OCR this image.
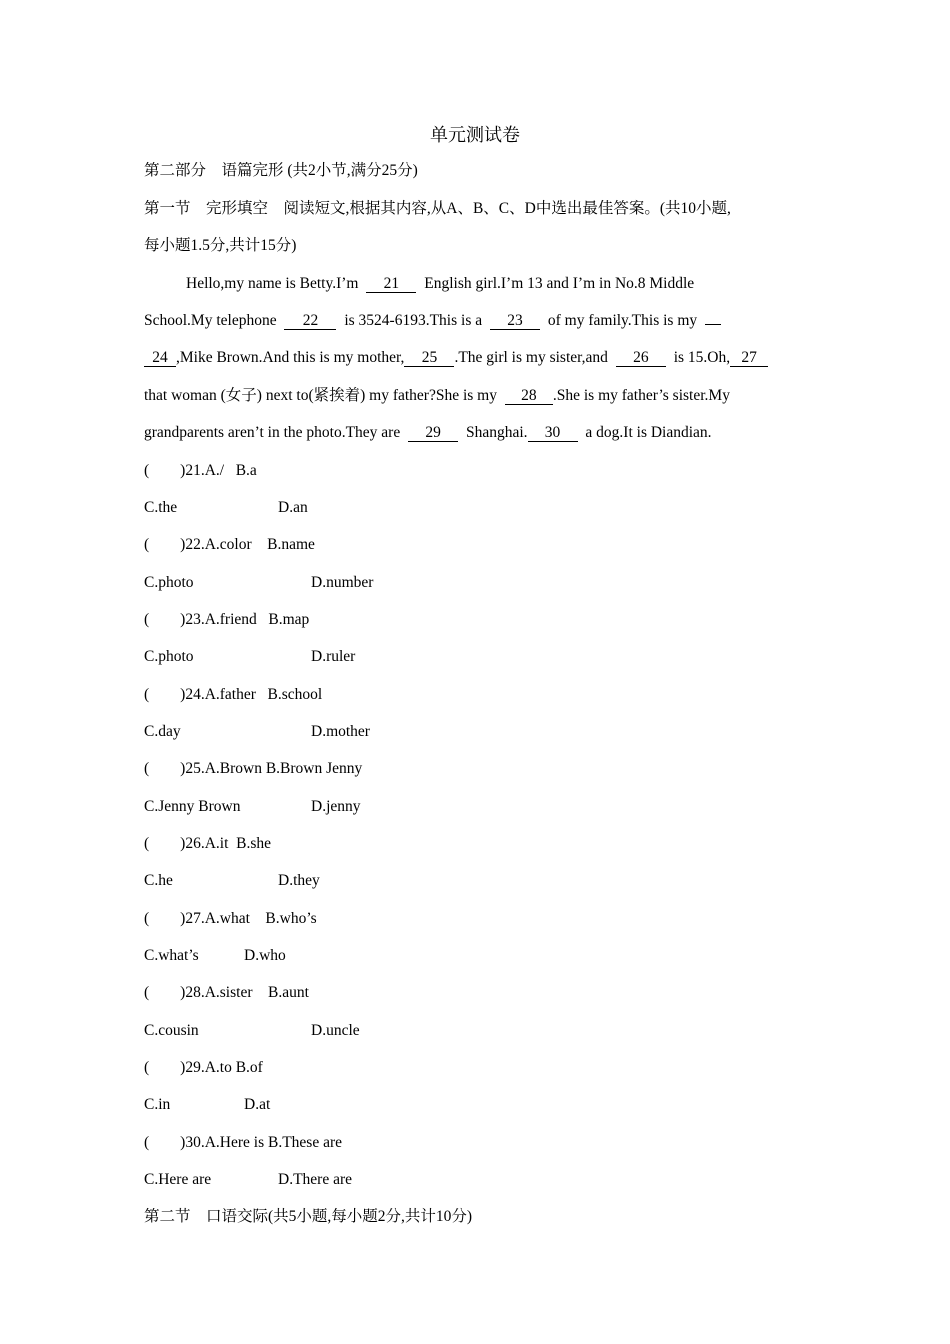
单元测试卷
第二部分　语篇完形 (共2小节,满分25分)
第一节　完形填空　阅读短文,根据其内容,从A、B、C、D中选出最佳答案。(共10小题,
每小题1.5分,共计15分)
Hello,my name is Betty.I’m 21 English girl.I’m 13 and I’m in No.8 Middle
School.My telephone 22 is 3524-6193.This is a 23 of my family.This is my
24 ,Mike Brown.And this is my mother, 25 .The girl is my sister,and 26 is 15.Oh, 27
that woman (女子) next to(紧挨着) my father?She is my 28 .She is my father’s sister.My
grandparents aren’t in the photo.They are 29 Shanghai. 30 a dog.It is Diandian.
(　　)21.A./ B.a
C.the	D.an
(　　)22.A.color B.name
C.photo	D.number
(　　)23.A.friend B.map
C.photo	D.ruler
(　　)24.A.father B.school
C.day	D.mother
(　　)25.A.Brown B.Brown Jenny
C.Jenny Brown	D.jenny
(　　)26.A.it B.she
C.he	D.they
(　　)27.A.what B.who’s
C.what’s	D.who
(　　)28.A.sister B.aunt
C.cousin	D.uncle
(　　)29.A.to B.of
C.in	D.at
(　　)30.A.Here is B.These are
C.Here are	D.There are
第二节　口语交际(共5小题,每小题2分,共计10分)
